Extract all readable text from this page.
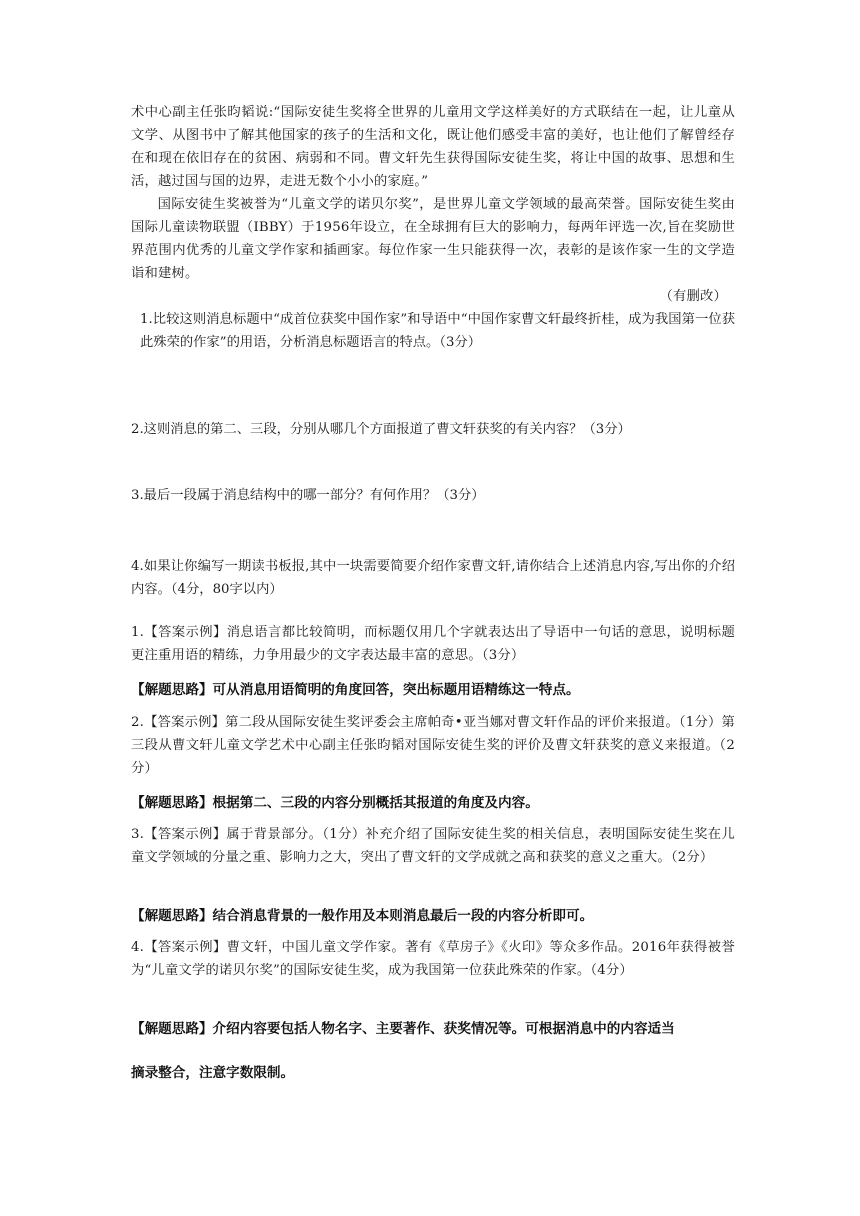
术中心副主任张昀韬说:“国际安徒生奖将全世界的儿童用文学这样美好的方式联结在一起，让儿童从文学、从图书中了解其他国家的孩子的生活和文化，既让他们感受丰富的美好，也让他们了解曾经存在和现在依旧存在的贫困、病弱和不同。曹文轩先生获得国际安徒生奖，将让中国的故事、思想和生活，越过国与国的边界，走进无数个小小的家庭。”

国际安徒生奖被誉为“儿童文学的诺贝尔奖”，是世界儿童文学领域的最高荣誉。国际安徒生奖由国际儿童读物联盟（IBBY）于1956年设立，在全球拥有巨大的影响力，每两年评选一次,旨在奖励世界范围内优秀的儿童文学作家和插画家。每位作家一生只能获得一次，表彰的是该作家一生的文学造诣和建树。

（有删改）

1.比较这则消息标题中“成首位获奖中国作家”和导语中“中国作家曹文轩最终折桂，成为我国第一位获此殊荣的作家”的用语，分析消息标题语言的特点。（3分）

2.这则消息的第二、三段，分别从哪几个方面报道了曹文轩获奖的有关内容？（3分）

3.最后一段属于消息结构中的哪一部分？有何作用？（3分）

4.如果让你编写一期读书板报,其中一块需要简要介绍作家曹文轩,请你结合上述消息内容,写出你的介绍内容。（4分，80字以内）

1.【答案示例】消息语言都比较简明，而标题仅用几个字就表达出了导语中一句话的意思，说明标题更注重用语的精练，力争用最少的文字表达最丰富的意思。（3分）

【解题思路】可从消息用语简明的角度回答，突出标题用语精练这一特点。

2.【答案示例】第二段从国际安徒生奖评委会主席帕奇•亚当娜对曹文轩作品的评价来报道。（1分）第三段从曹文轩儿童文学艺术中心副主任张昀韬对国际安徒生奖的评价及曹文轩获奖的意义来报道。（2分）

【解题思路】根据第二、三段的内容分别概括其报道的角度及内容。

3.【答案示例】属于背景部分。（1分）补充介绍了国际安徒生奖的相关信息，表明国际安徒生奖在儿童文学领域的分量之重、影响力之大，突出了曹文轩的文学成就之高和获奖的意义之重大。（2分）

【解题思路】结合消息背景的一般作用及本则消息最后一段的内容分析即可。

4.【答案示例】曹文轩，中国儿童文学作家。著有《草房子》《火印》等众多作品。2016年获得被誉为“儿童文学的诺贝尔奖”的国际安徒生奖，成为我国第一位获此殊荣的作家。（4分）

【解题思路】介绍内容要包括人物名字、主要著作、获奖情况等。可根据消息中的内容适当

摘录整合，注意字数限制。
